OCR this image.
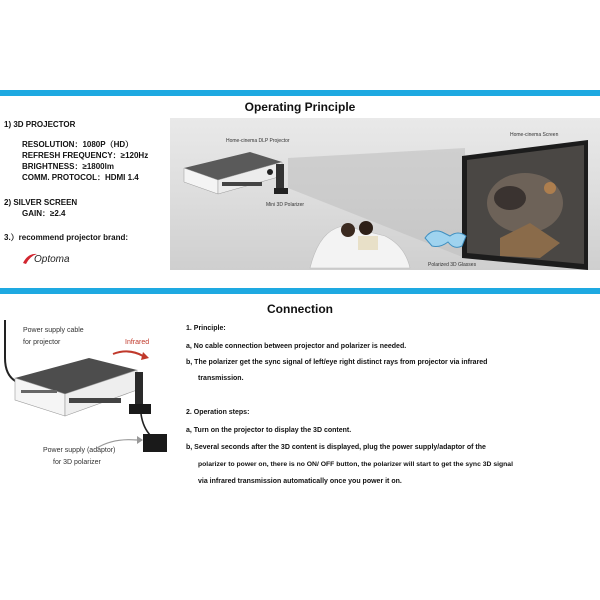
Operating Principle
1) 3D PROJECTOR
RESOLUTION：1080P（HD）
REFRESH FREQUENCY：≥120Hz
BRIGHTNESS：≥1800lm
COMM. PROTOCOL：HDMI 1.4
2) SILVER SCREEN
GAIN：≥2.4
3.）recommend projector brand:
Optoma
Home-cinema DLP Projector
Home-cinema Screen
Mini 3D Polarizer
Polarized 3D Glasses
Connection
Power supply cable
for projector	Infrared
Power supply (adaptor)
for 3D polarizer
1. Principle:
a, No cable connection between projector and polarizer is needed.
b, The polarizer get the sync signal of left/eye right distinct rays from projector via infrared
transmission.
2. Operation steps:
a, Turn on the projector to display the 3D content.
b, Several seconds after the 3D content is displayed, plug the power supply/adaptor of the
polarizer to power on, there is no ON/ OFF button, the polarizer will start to get the sync 3D signal
via infrared transmission automatically once you power it on.
